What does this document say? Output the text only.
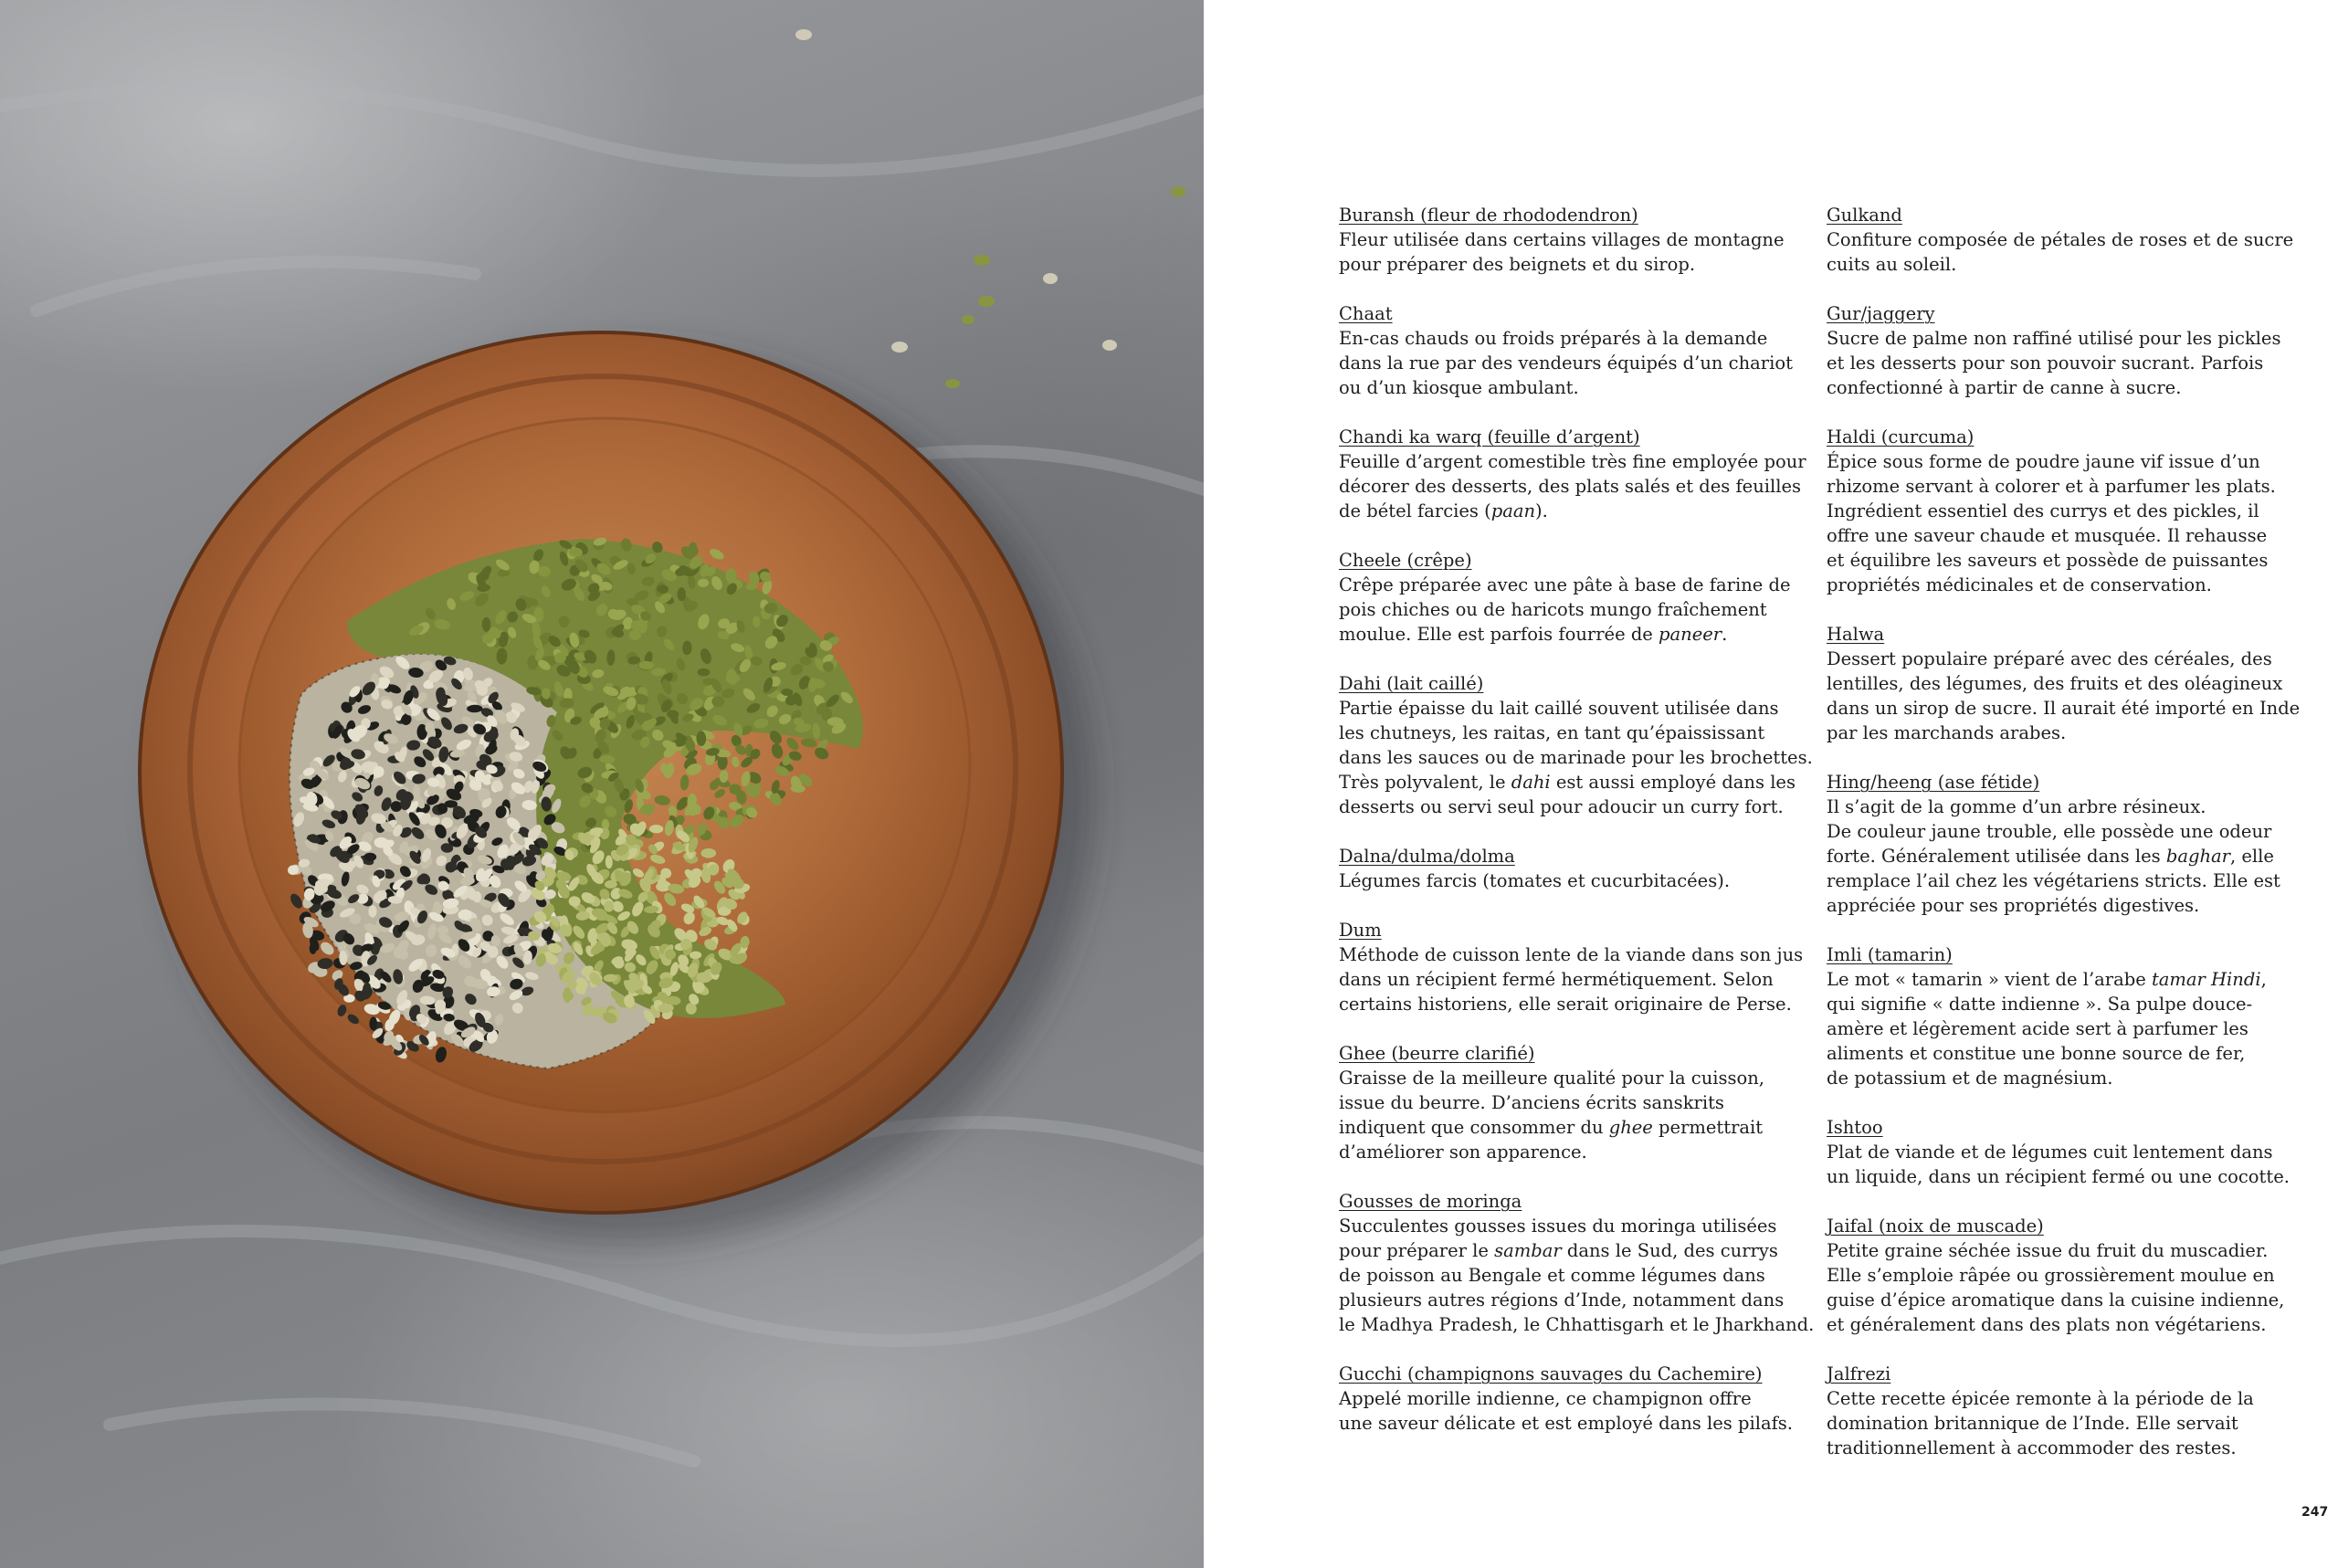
Buransh (fleur de rhododendron)

Fleur utilisée dans certains villages de montagne
pour préparer des beignets et du sirop.

Chaat

En-cas chauds ou froids préparés à la demande
dans la rue par des vendeurs équipés d’un chariot
ou d’un kiosque ambulant.

Chandi ka warq (feuille d’argent)

Feuille d’argent comestible très fine employée pour
décorer des desserts, des plats salés et des feuilles
de bétel farcies (paan).

Cheele (crêpe)

Crêpe préparée avec une pâte à base de farine de
pois chiches ou de haricots mungo fraîchement
moulue. Elle est parfois fourrée de paneer.

Dahi (lait caillé)

Partie épaisse du lait caillé souvent utilisée dans
les chutneys, les raitas, en tant qu’épaississant
dans les sauces ou de marinade pour les brochettes.
Très polyvalent, le dahi est aussi employé dans les
desserts ou servi seul pour adoucir un curry fort.

Dalna/dulma/dolma

Légumes farcis (tomates et cucurbitacées).

Dum

Méthode de cuisson lente de la viande dans son jus
dans un récipient fermé hermétiquement. Selon
certains historiens, elle serait originaire de Perse.

Ghee (beurre clarifié)

Graisse de la meilleure qualité pour la cuisson,
issue du beurre. D’anciens écrits sanskrits
indiquent que consommer du ghee permettrait
d’améliorer son apparence.

Gousses de moringa

Succulentes gousses issues du moringa utilisées
pour préparer le sambar dans le Sud, des currys
de poisson au Bengale et comme légumes dans
plusieurs autres régions d’Inde, notamment dans
le Madhya Pradesh, le Chhattisgarh et le Jharkhand.

Gucchi (champignons sauvages du Cachemire)

Appelé morille indienne, ce champignon offre
une saveur délicate et est employé dans les pilafs.

Gulkand

Confiture composée de pétales de roses et de sucre
cuits au soleil.

Gur/jaggery

Sucre de palme non raffiné utilisé pour les pickles
et les desserts pour son pouvoir sucrant. Parfois
confectionné à partir de canne à sucre.

Haldi (curcuma)

Épice sous forme de poudre jaune vif issue d’un
rhizome servant à colorer et à parfumer les plats.
Ingrédient essentiel des currys et des pickles, il
offre une saveur chaude et musquée. Il rehausse
et équilibre les saveurs et possède de puissantes
propriétés médicinales et de conservation.

Halwa

Dessert populaire préparé avec des céréales, des
lentilles, des légumes, des fruits et des oléagineux
dans un sirop de sucre. Il aurait été importé en Inde
par les marchands arabes.

Hing/heeng (ase fétide)

Il s’agit de la gomme d’un arbre résineux.
De couleur jaune trouble, elle possède une odeur
forte. Généralement utilisée dans les baghar, elle
remplace l’ail chez les végétariens stricts. Elle est
appréciée pour ses propriétés digestives.

Imli (tamarin)

Le mot « tamarin » vient de l’arabe tamar Hindi,
qui signifie « datte indienne ». Sa pulpe douce-
amère et légèrement acide sert à parfumer les
aliments et constitue une bonne source de fer,
de potassium et de magnésium.

Ishtoo

Plat de viande et de légumes cuit lentement dans
un liquide, dans un récipient fermé ou une cocotte.

Jaifal (noix de muscade)

Petite graine séchée issue du fruit du muscadier.
Elle s’emploie râpée ou grossièrement moulue en
guise d’épice aromatique dans la cuisine indienne,
et généralement dans des plats non végétariens.

Jalfrezi

Cette recette épicée remonte à la période de la
domination britannique de l’Inde. Elle servait
traditionnellement à accommoder des restes.

247
